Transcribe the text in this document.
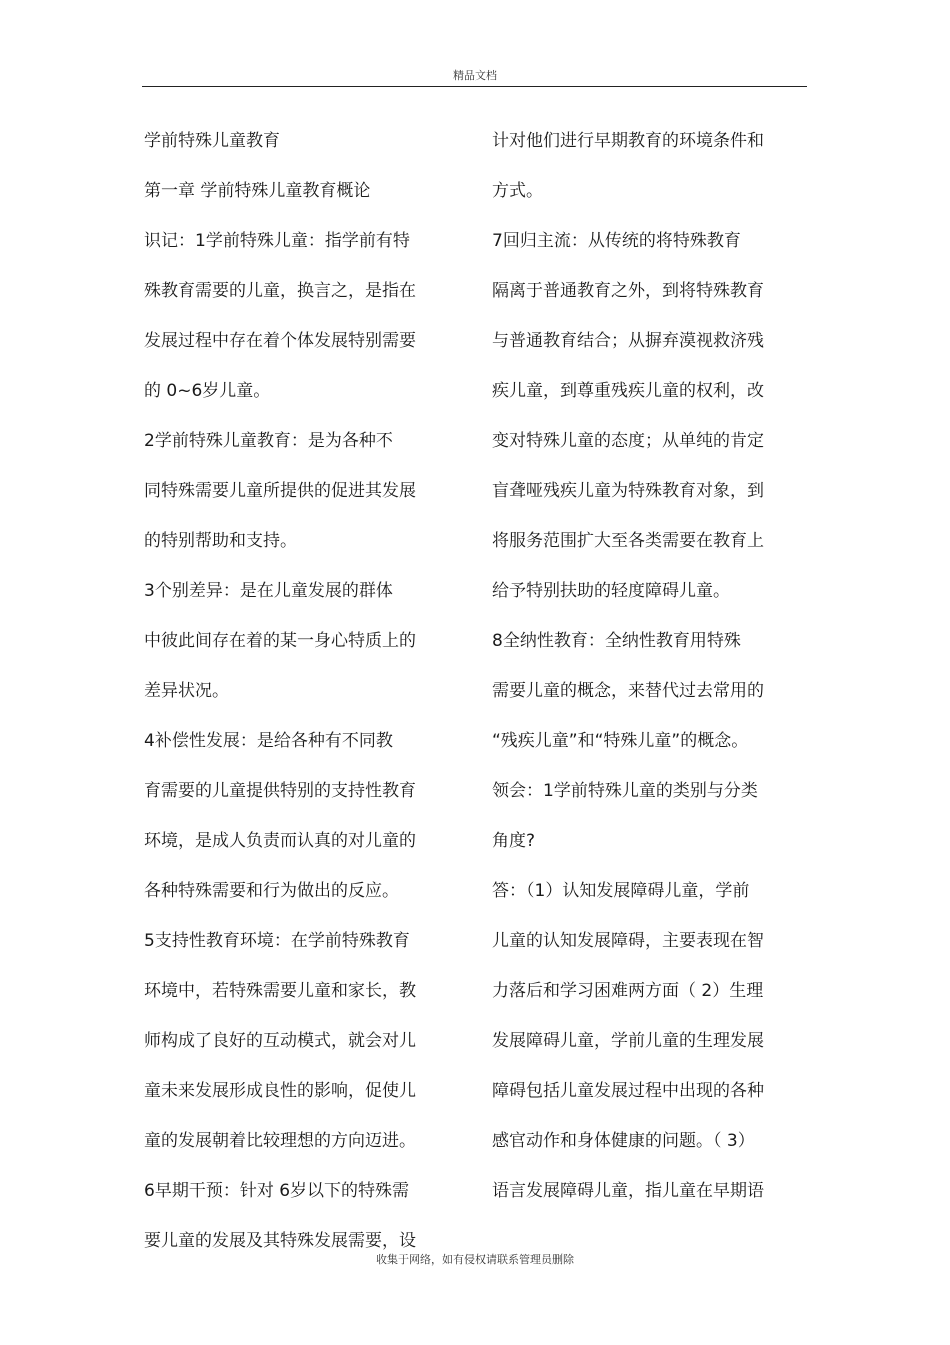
精品文档
学前特殊儿童教育
第一章 学前特殊儿童教育概论
识记：1学前特殊儿童：指学前有特
殊教育需要的儿童，换言之，是指在
发展过程中存在着个体发展特别需要
的 0~6岁儿童。
2学前特殊儿童教育：是为各种不
同特殊需要儿童所提供的促进其发展
的特别帮助和支持。
3个别差异：是在儿童发展的群体
中彼此间存在着的某一身心特质上的
差异状况。
4补偿性发展：是给各种有不同教
育需要的儿童提供特别的支持性教育
环境，是成人负责而认真的对儿童的
各种特殊需要和行为做出的反应。
5支持性教育环境：在学前特殊教育
环境中，若特殊需要儿童和家长，教
师构成了良好的互动模式，就会对儿
童未来发展形成良性的影响，促使儿
童的发展朝着比较理想的方向迈进。
6早期干预：针对 6岁以下的特殊需
要儿童的发展及其特殊发展需要，设
计对他们进行早期教育的环境条件和
方式。
7回归主流：从传统的将特殊教育
隔离于普通教育之外，到将特殊教育
与普通教育结合；从摒弃漠视救济残
疾儿童，到尊重残疾儿童的权利，改
变对特殊儿童的态度；从单纯的肯定
盲聋哑残疾儿童为特殊教育对象，到
将服务范围扩大至各类需要在教育上
给予特别扶助的轻度障碍儿童。
8全纳性教育：全纳性教育用特殊
需要儿童的概念，来替代过去常用的
“残疾儿童”和“特殊儿童”的概念。
领会：1学前特殊儿童的类别与分类
角度?
答：（1）认知发展障碍儿童，学前
儿童的认知发展障碍，主要表现在智
力落后和学习困难两方面（ 2）生理
发展障碍儿童，学前儿童的生理发展
障碍包括儿童发展过程中出现的各种
感官动作和身体健康的问题。（ 3）
语言发展障碍儿童，指儿童在早期语
收集于网络，如有侵权请联系管理员删除
